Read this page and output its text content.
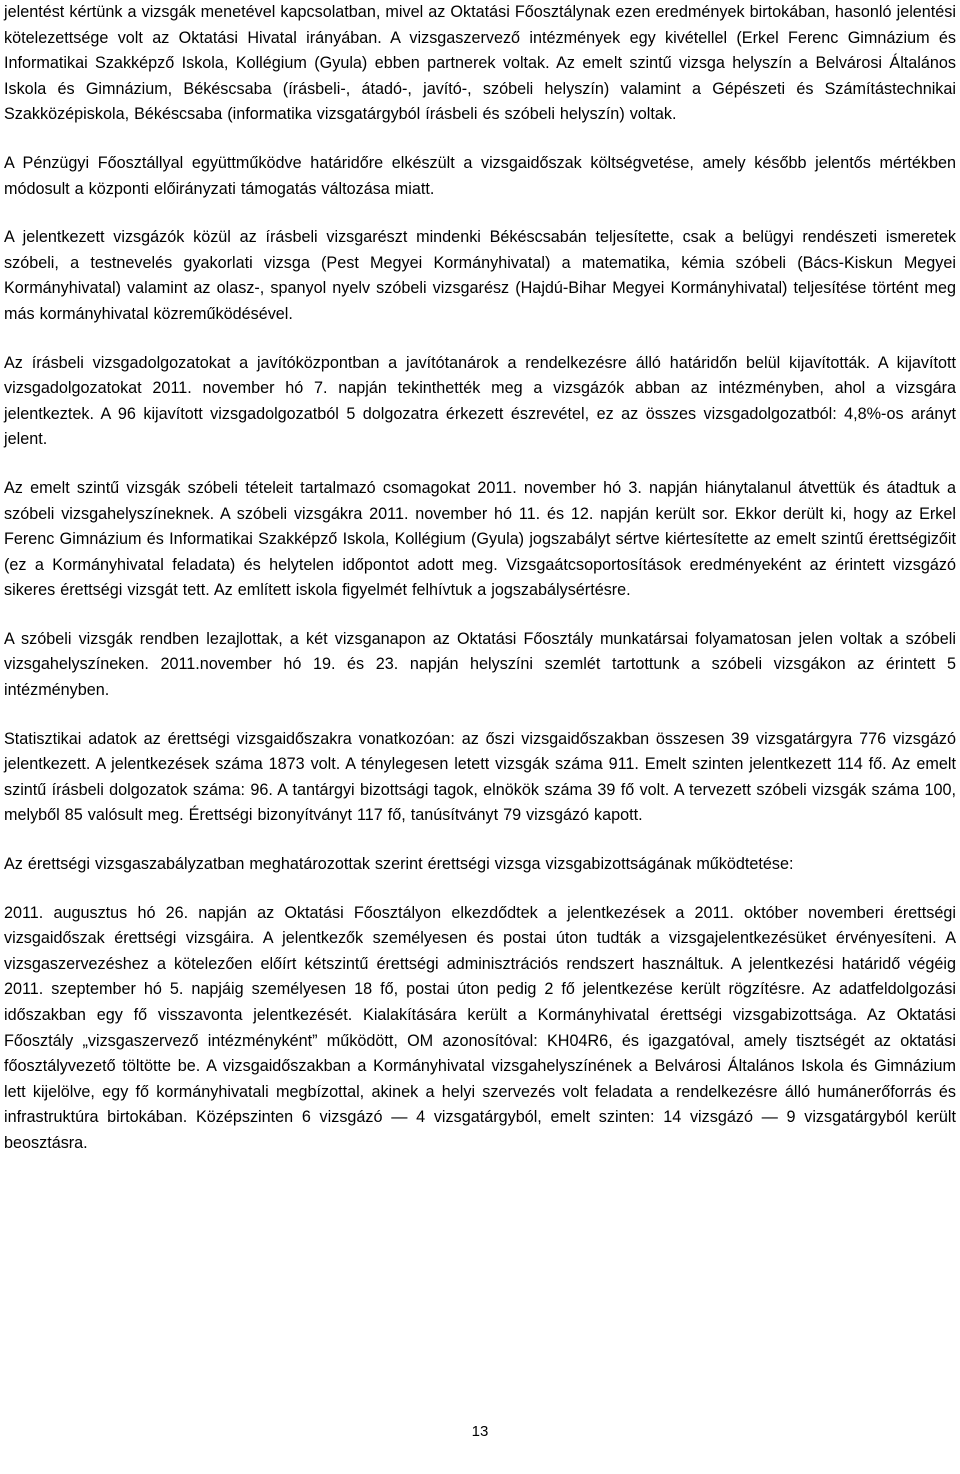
jelentést kértünk a vizsgák menetével kapcsolatban, mivel az Oktatási Főosztálynak ezen eredmények birtokában, hasonló jelentési kötelezettsége volt az Oktatási Hivatal irányában. A vizsgaszervező intézmények egy kivétellel (Erkel Ferenc Gimnázium és Informatikai Szakképző Iskola, Kollégium (Gyula) ebben partnerek voltak. Az emelt szintű vizsga helyszín a Belvárosi Általános Iskola és Gimnázium, Békéscsaba (írásbeli-, átadó-, javító-, szóbeli helyszín) valamint a Gépészeti és Számítástechnikai Szakközépiskola, Békéscsaba (informatika vizsgatárgyból írásbeli és szóbeli helyszín) voltak.

A Pénzügyi Főosztállyal együttműködve határidőre elkészült a vizsgaidőszak költségvetése, amely később jelentős mértékben módosult a központi előirányzati támogatás változása miatt.

A jelentkezett vizsgázók közül az írásbeli vizsgarészt mindenki Békéscsabán teljesítette, csak a belügyi rendészeti ismeretek szóbeli, a testnevelés gyakorlati vizsga (Pest Megyei Kormányhivatal) a matematika, kémia szóbeli (Bács-Kiskun Megyei Kormányhivatal) valamint az olasz-, spanyol nyelv szóbeli vizsgarész (Hajdú-Bihar Megyei Kormányhivatal) teljesítése történt meg más kormányhivatal közreműködésével.

Az írásbeli vizsgadolgozatokat a javítóközpontban a javítótanárok a rendelkezésre álló határidőn belül kijavították. A kijavított vizsgadolgozatokat 2011. november hó 7. napján tekinthették meg a vizsgázók abban az intézményben, ahol a vizsgára jelentkeztek. A 96 kijavított vizsgadolgozatból 5 dolgozatra érkezett észrevétel, ez az összes vizsgadolgozatból: 4,8%-os arányt jelent.

Az emelt szintű vizsgák szóbeli tételeit tartalmazó csomagokat 2011. november hó 3. napján hiánytalanul átvettük és átadtuk a szóbeli vizsgahelyszíneknek. A szóbeli vizsgákra 2011. november hó 11. és 12. napján került sor. Ekkor derült ki, hogy az Erkel Ferenc Gimnázium és Informatikai Szakképző Iskola, Kollégium (Gyula) jogszabályt sértve kiértesítette az emelt szintű érettségizőit (ez a Kormányhivatal feladata) és helytelen időpontot adott meg. Vizsgaátcsoportosítások eredményeként az érintett vizsgázó sikeres érettségi vizsgát tett. Az említett iskola figyelmét felhívtuk a jogszabálysértésre.

A szóbeli vizsgák rendben lezajlottak, a két vizsganapon az Oktatási Főosztály munkatársai folyamatosan jelen voltak a szóbeli vizsgahelyszíneken. 2011.november hó 19. és 23. napján helyszíni szemlét tartottunk a szóbeli vizsgákon az érintett 5 intézményben.

Statisztikai adatok az érettségi vizsgaidőszakra vonatkozóan: az őszi vizsgaidőszakban összesen 39 vizsgatárgyra 776 vizsgázó jelentkezett. A jelentkezések száma 1873 volt. A ténylegesen letett vizsgák száma 911. Emelt szinten jelentkezett 114 fő. Az emelt szintű írásbeli dolgozatok száma: 96. A tantárgyi bizottsági tagok, elnökök száma 39 fő volt. A tervezett szóbeli vizsgák száma 100, melyből 85 valósult meg. Érettségi bizonyítványt 117 fő, tanúsítványt 79 vizsgázó kapott.

Az érettségi vizsgaszabályzatban meghatározottak szerint érettségi vizsga vizsgabizottságának működtetése:

2011. augusztus hó 26. napján az Oktatási Főosztályon elkezdődtek a jelentkezések a 2011. október novemberi érettségi vizsgaidőszak érettségi vizsgáira. A jelentkezők személyesen és postai úton tudták a vizsgajelentkezésüket érvényesíteni. A vizsgaszervezéshez a kötelezően előírt kétszintű érettségi adminisztrációs rendszert használtuk. A jelentkezési határidő végéig 2011. szeptember hó 5. napjáig személyesen 18 fő, postai úton pedig 2 fő jelentkezése került rögzítésre. Az adatfeldolgozási időszakban egy fő visszavonta jelentkezését. Kialakítására került a Kormányhivatal érettségi vizsgabizottsága. Az Oktatási Főosztály „vizsgaszervező intézményként” működött, OM azonosítóval: KH04R6, és igazgatóval, amely tisztségét az oktatási főosztályvezető töltötte be. A vizsgaidőszakban a Kormányhivatal vizsgahelyszínének a Belvárosi Általános Iskola és Gimnázium lett kijelölve, egy fő kormányhivatali megbízottal, akinek a helyi szervezés volt feladata a rendelkezésre álló humánerőforrás és infrastruktúra birtokában. Középszinten 6 vizsgázó — 4 vizsgatárgyból, emelt szinten: 14 vizsgázó — 9 vizsgatárgyból került beosztásra.

13
